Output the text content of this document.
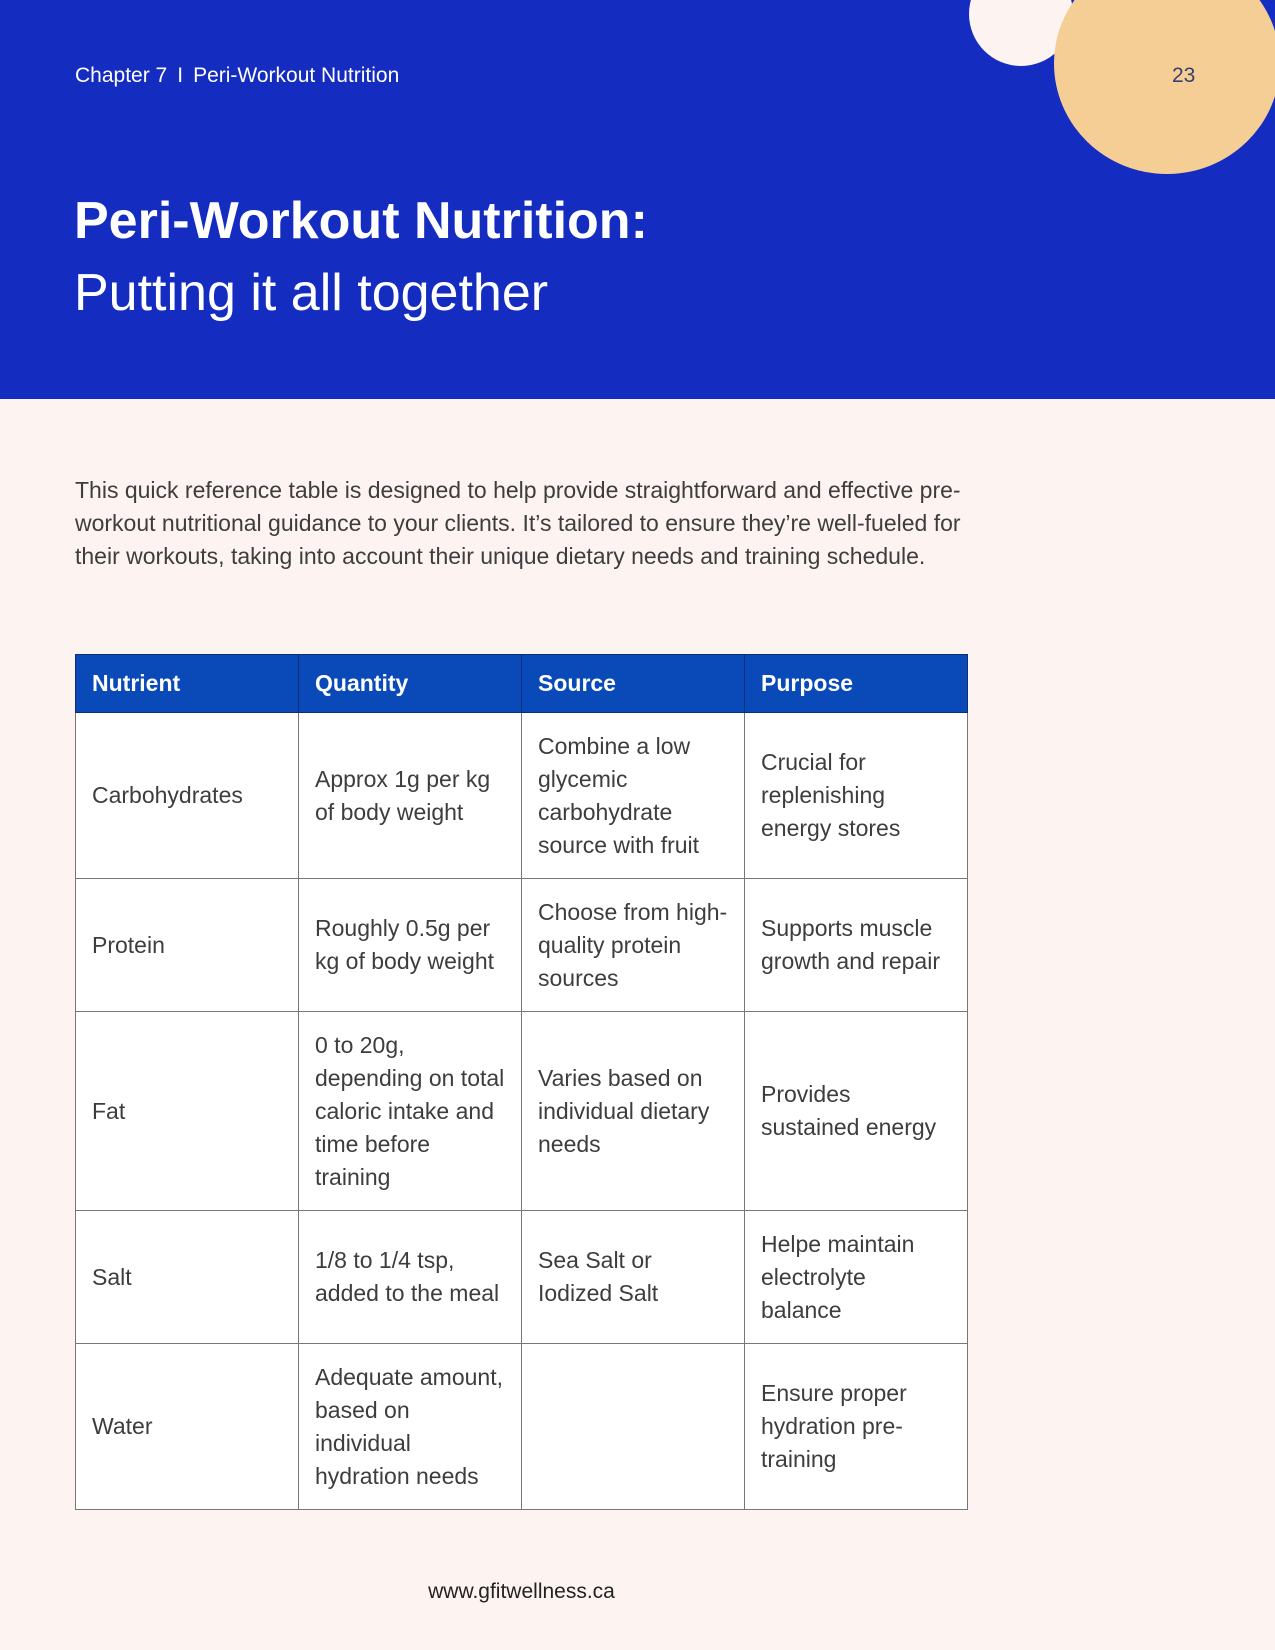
Chapter 7 I Peri-Workout Nutrition	23
Peri-Workout Nutrition:
Putting it all together

This quick reference table is designed to help provide straightforward and effective pre-workout nutritional guidance to your clients. It’s tailored to ensure they’re well-fueled for their workouts, taking into account their unique dietary needs and training schedule.

Nutrient	Quantity	Source	Purpose
Carbohydrates	Approx 1g per kg of body weight	Combine a low glycemic carbohydrate source with fruit	Crucial for replenishing energy stores
Protein	Roughly 0.5g per kg of body weight	Choose from high-quality protein sources	Supports muscle growth and repair
Fat	0 to 20g, depending on total caloric intake and time before training	Varies based on individual dietary needs	Provides sustained energy
Salt	1/8 to 1/4 tsp, added to the meal	Sea Salt or Iodized Salt	Helpe maintain electrolyte balance
Water	Adequate amount, based on individual hydration needs		Ensure proper hydration pre-training
www.gfitwellness.ca
